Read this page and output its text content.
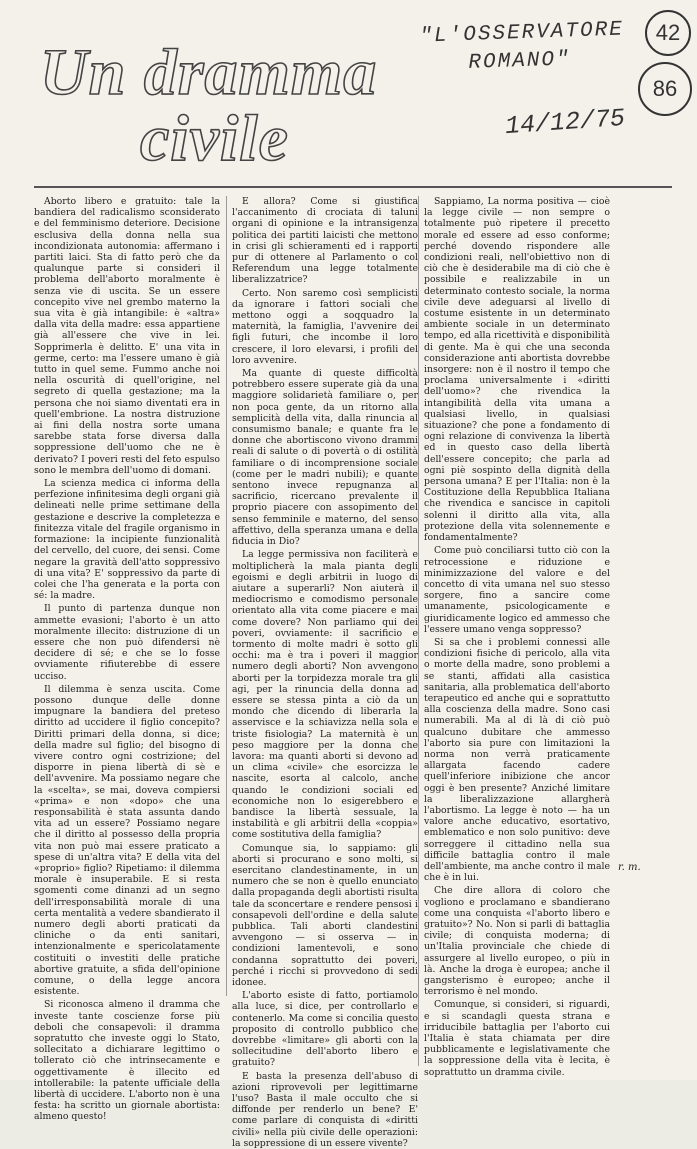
Un dramma
civile
"L'OSSERVATORE
ROMANO"
14/12/75
42
86

Aborto libero e gratuito: tale la bandiera del radicalismo sconsiderato e del femminismo deteriore. Decisione esclusiva della donna nella sua incondizionata autonomia: affermano i partiti laici. Sta di fatto però che da qualunque parte si consideri il problema dell'aborto moralmente è senza vie di uscita. Se un essere concepito vive nel grembo materno la sua vita è già intangibile: è «altra» dalla vita della madre: essa appartiene già all'essere che vive in lei. Sopprimerla è delitto. E' una vita in germe, certo: ma l'essere umano è già tutto in quel seme. Fummo anche noi nella oscurità di quell'origine, nel segreto di quella gestazione; ma la persona che noi siamo diventati era in quell'embrione. La nostra distruzione ai fini della nostra sorte umana sarebbe stata forse diversa dalla soppressione dell'uomo che ne è derivato? I poveri resti del feto espulso sono le membra dell'uomo di domani.

La scienza medica ci informa della perfezione infinitesima degli organi già delineati nelle prime settimane della gestazione e descrive la completezza e finitezza vitale del fragile organismo in formazione: la incipiente funzionalità del cervello, del cuore, dei sensi. Come negare la gravità dell'atto soppressivo di una vita? E' soppressivo da parte di colei che l'ha generata e la porta con sé: la madre.

Il punto di partenza dunque non ammette evasioni; l'aborto è un atto moralmente illecito: distruzione di un essere che non può difendersi nè decidere di sé; e che se lo fosse ovviamente rifiuterebbe di essere ucciso.

Il dilemma è senza uscita. Come possono dunque delle donne impugnare la bandiera del preteso diritto ad uccidere il figlio concepito? Diritti primari della donna, si dice; della madre sul figlio; del bisogno di vivere contro ogni costrizione; del disporre in piena libertà di sè e dell'avvenire. Ma possiamo negare che la «scelta», se mai, doveva compiersi «prima» e non «dopo» che una responsabilità è stata assunta dando vita ad un essere? Possiamo negare che il diritto al possesso della propria vita non può mai essere praticato a spese di un'altra vita? E della vita del «proprio» figlio? Ripetiamo: il dilemma morale è insuperabile. E si resta sgomenti come dinanzi ad un segno dell'irresponsabilità morale di una certa mentalità a vedere sbandierato il numero degli aborti praticati da cliniche o da enti sanitari, intenzionalmente e spericolatamente costituiti o investiti delle pratiche abortive gratuite, a sfida dell'opinione comune, o della legge ancora esistente.

Si riconosca almeno il dramma che investe tante coscienze forse più deboli che consapevoli: il dramma sopratutto che investe oggi lo Stato, sollecitato a dichiarare legittimo o tollerato ciò che intrinsecamente e oggettivamente è illecito ed intollerabile: la patente ufficiale della libertà di uccidere. L'aborto non è una festa: ha scritto un giornale abortista: almeno questo!

E allora? Come si giustifica l'accanimento di crociata di taluni organi di opinione e la intransigenza politica dei partiti laicisti che mettono in crisi gli schieramenti ed i rapporti pur di ottenere al Parlamento o col Referendum una legge totalmente liberalizzatrice?

Certo. Non saremo così semplicisti da ignorare i fattori sociali che mettono oggi a soqquadro la maternità, la famiglia, l'avvenire dei figli futuri, che incombe il loro crescere, il loro elevarsi, i profili del loro avvenire.

Ma quante di queste difficoltà potrebbero essere superate già da una maggiore solidarietà familiare o, per non poca gente, da un ritorno alla semplicità della vita, dalla rinuncia al consumismo banale; e quante fra le donne che abortiscono vivono drammi reali di salute o di povertà o di ostilità familiare o di incomprensione sociale (come per le madri nubili); e quante sentono invece repugnanza al sacrificio, ricercano prevalente il proprio piacere con assopimento del senso femminile e materno, del senso affettivo, della speranza umana e della fiducia in Dio?

La legge permissiva non faciliterà e moltiplicherà la mala pianta degli egoismi e degli arbitrii in luogo di aiutare a superarli? Non aiuterà il mediocrismo e comodismo personale orientato alla vita come piacere e mai come dovere? Non parliamo qui dei poveri, ovviamente: il sacrificio e tormento di molte madri è sotto gli occhi: ma è tra i poveri il maggior numero degli aborti? Non avvengono aborti per la torpidezza morale tra gli agi, per la rinuncia della donna ad essere se stessa pinta a ciò da un mondo che dicendo di liberarla la asservisce e la schiavizza nella sola e triste fisiologia? La maternità è un peso maggiore per la donna che lavora: ma quanti aborti si devono ad un clima «civile» che esorcizza le nascite, esorta al calcolo, anche quando le condizioni sociali ed economiche non lo esigerebbero e bandisce la libertà sessuale, la instabilità e gli arbitrii della «coppia» come sostitutiva della famiglia?

Comunque sia, lo sappiamo: gli aborti si procurano e sono molti, si esercitano clandestinamente, in un numero che se non è quello enunciato dalla propaganda degli abortisti risulta tale da sconcertare e rendere pensosi i consapevoli dell'ordine e della salute pubblica. Tali aborti clandestini avvengono — si osserva — in condizioni lamentevoli, e sono condanna soprattutto dei poveri, perché i ricchi si provvedono di sedi idonee.

L'aborto esiste di fatto, portiamolo alla luce, si dice, per controllarlo e contenerlo. Ma come si concilia questo proposito di controllo pubblico che dovrebbe «limitare» gli aborti con la sollecitudine dell'aborto libero e gratuito?

E basta la presenza dell'abuso di azioni riprovevoli per legittimarne l'uso? Basta il male occulto che si diffonde per renderlo un bene? E' come parlare di conquista di «diritti civili» nella più civile delle operazioni: la soppressione di un essere vivente?

Sappiamo, La norma positiva — cioè la legge civile — non sempre o totalmente può ripetere il precetto morale ed essere ad esso conforme; perché dovendo rispondere alle condizioni reali, nell'obiettivo non di ciò che è desiderabile ma di ciò che è possibile e realizzabile in un determinato contesto sociale, la norma civile deve adeguarsi al livello di costume esistente in un determinato ambiente sociale in un determinato tempo, ed alla ricettività e disponibilità di gente. Ma è qui che una seconda considerazione anti abortista dovrebbe insorgere: non è il nostro il tempo che proclama universalmente i «diritti dell'uomo»? che rivendica la intangibilità della vita umana a qualsiasi livello, in qualsiasi situazione? che pone a fondamento di ogni relazione di convivenza la libertà ed in questo caso della libertà dell'essere concepito; che parla ad ogni piè sospinto della dignità della persona umana? E per l'Italia: non è la Costituzione della Repubblica Italiana che rivendica e sancisce in capitoli solenni il diritto alla vita, alla protezione della vita solennemente e fondamentalmente?

Come può conciliarsi tutto ciò con la retrocessione e riduzione e minimizzazione del valore e del concetto di vita umana nel suo stesso sorgere, fino a sancire come umanamente, psicologicamente e giuridicamente logico ed ammesso che l'essere umano venga soppresso?

Si sa che i problemi connessi alle condizioni fisiche di pericolo, alla vita o morte della madre, sono problemi a se stanti, affidati alla casistica sanitaria, alla problematica dell'aborto terapeutico ed anche qui e soprattutto alla coscienza della madre. Sono casi numerabili. Ma al di là di ciò può qualcuno dubitare che ammesso l'aborto sia pure con limitazioni la norma non verrà praticamente allargata facendo cadere quell'inferiore inibizione che ancor oggi è ben presente? Anziché limitare la liberalizzazione allargherà l'abortismo. La legge è noto — ha un valore anche educativo, esortativo, emblematico e non solo punitivo: deve sorreggere il cittadino nella sua difficile battaglia contro il male dell'ambiente, ma anche contro il male che è in lui.

Che dire allora di coloro che vogliono e proclamano e sbandierano come una conquista «l'aborto libero e gratuito»? No. Non si parli di battaglia civile; di conquista moderna; di un'Italia provinciale che chiede di assurgere al livello europeo, o più in là. Anche la droga è europea; anche il gangsterismo è europeo; anche il terrorismo è nel mondo.

Comunque, si consideri, si riguardi, e si scandagli questa strana e irriducibile battaglia per l'aborto cui l'Italia è stata chiamata per dire pubblicamente e legislativamente che la soppressione della vita è lecita, è soprattutto un dramma civile.

r. m.
